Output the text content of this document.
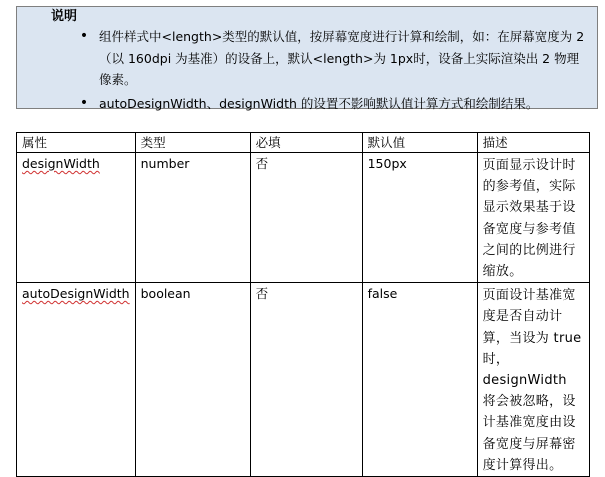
说明
• 组件样式中<length>类型的默认值，按屏幕宽度进行计算和绘制，如：在屏幕宽度为 2（以 160dpi 为基准）的设备上，默认<length>为 1px时，设备上实际渲染出 2 物理像素。
• autoDesignWidth、designWidth 的设置不影响默认值计算方式和绘制结果。
属性	类型	必填	默认值	描述
designWidth	number	否	150px	页面显示设计时的参考值，实际显示效果基于设备宽度与参考值之间的比例进行缩放。
autoDesignWidth	boolean	否	false	页面设计基准宽度是否自动计算，当设为 true 时，designWidth 将会被忽略，设计基准宽度由设备宽度与屏幕密度计算得出。
